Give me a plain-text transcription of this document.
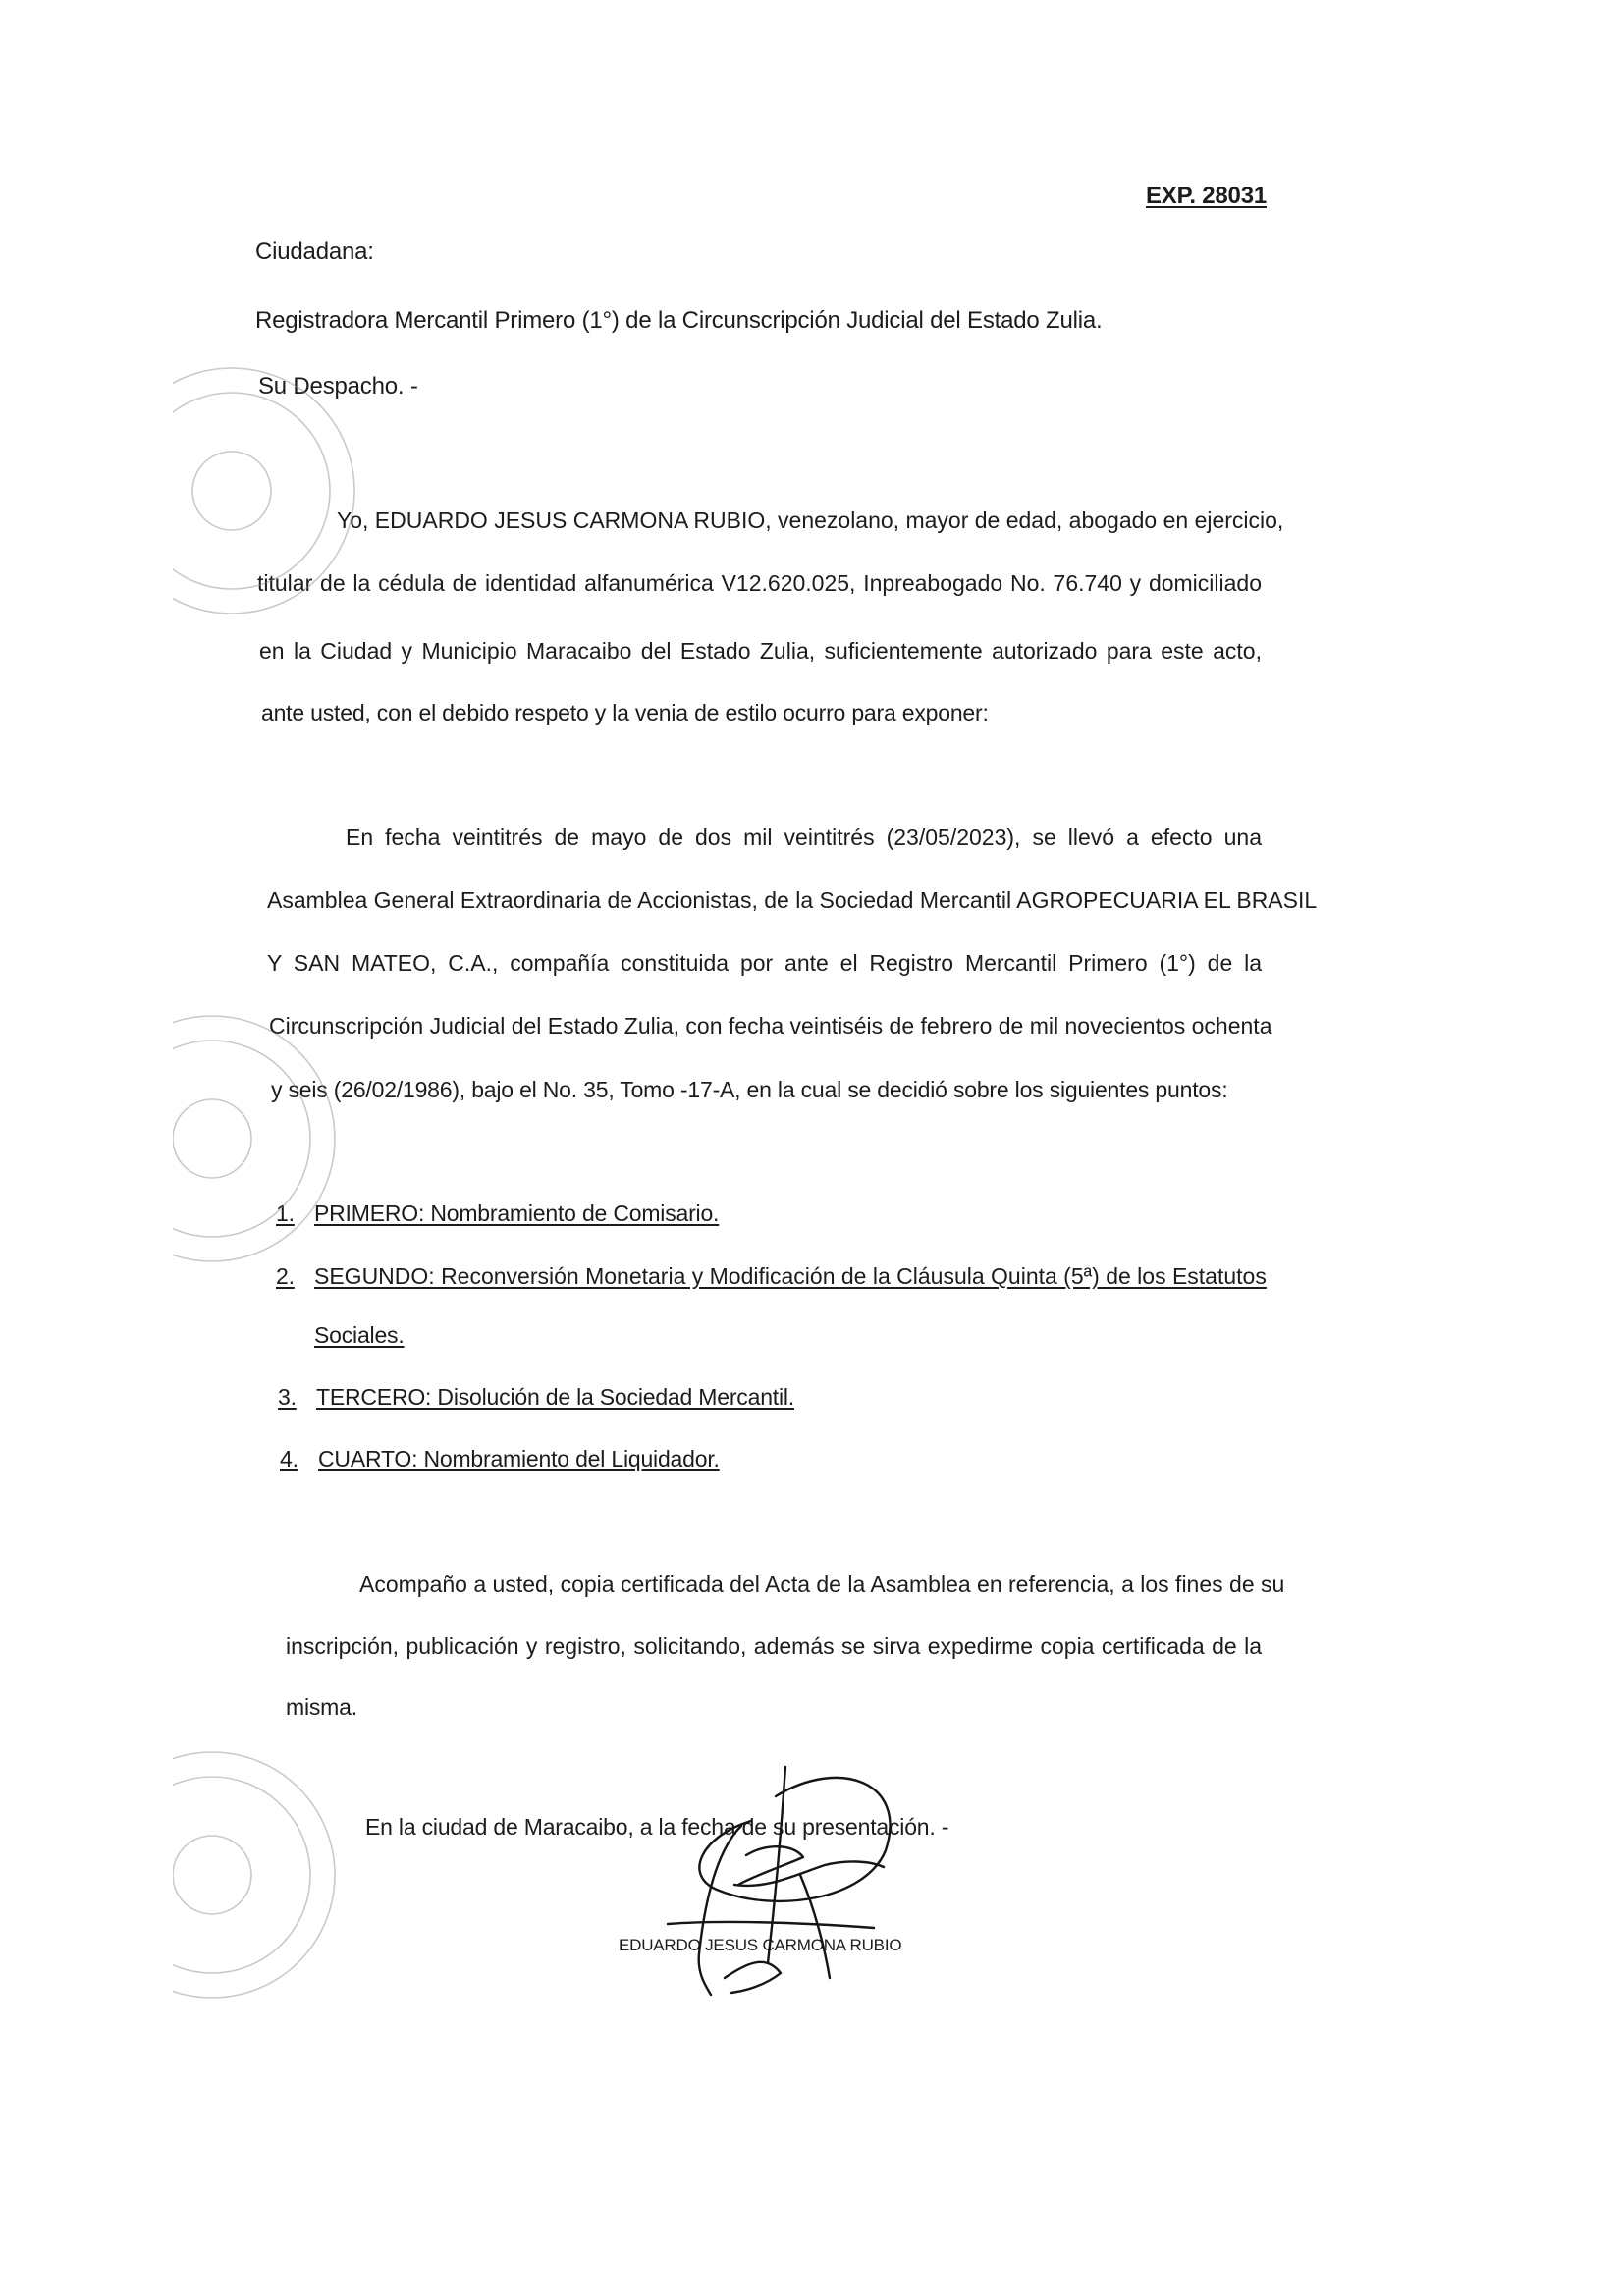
EXP. 28031
Ciudadana:
Registradora Mercantil Primero (1°) de la Circunscripción Judicial del Estado Zulia.
Su Despacho. -
Yo, EDUARDO JESUS CARMONA RUBIO, venezolano, mayor de edad, abogado en ejercicio,
titular de la cédula de identidad alfanumérica V12.620.025, Inpreabogado No. 76.740 y domiciliado
en la Ciudad y Municipio Maracaibo del Estado Zulia, suficientemente autorizado para este acto,
ante usted, con el debido respeto y la venia de estilo ocurro para exponer:
En fecha veintitrés de mayo de dos mil veintitrés (23/05/2023), se llevó a efecto una
Asamblea General Extraordinaria de Accionistas, de la Sociedad Mercantil AGROPECUARIA EL BRASIL
Y SAN MATEO, C.A., compañía constituida por ante el Registro Mercantil Primero (1°) de la
Circunscripción Judicial del Estado Zulia, con fecha veintiséis de febrero de mil novecientos ochenta
y seis (26/02/1986), bajo el No. 35, Tomo -17-A, en la cual se decidió sobre los siguientes puntos:
1. PRIMERO: Nombramiento de Comisario.
2. SEGUNDO: Reconversión Monetaria y Modificación de la Cláusula Quinta (5ª) de los Estatutos
Sociales.
3. TERCERO: Disolución de la Sociedad Mercantil.
4. CUARTO: Nombramiento del Liquidador.
Acompaño a usted, copia certificada del Acta de la Asamblea en referencia, a los fines de su
inscripción, publicación y registro, solicitando, además se sirva expedirme copia certificada de la
misma.
En la ciudad de Maracaibo, a la fecha de su presentación. -
EDUARDO JESUS CARMONA RUBIO
